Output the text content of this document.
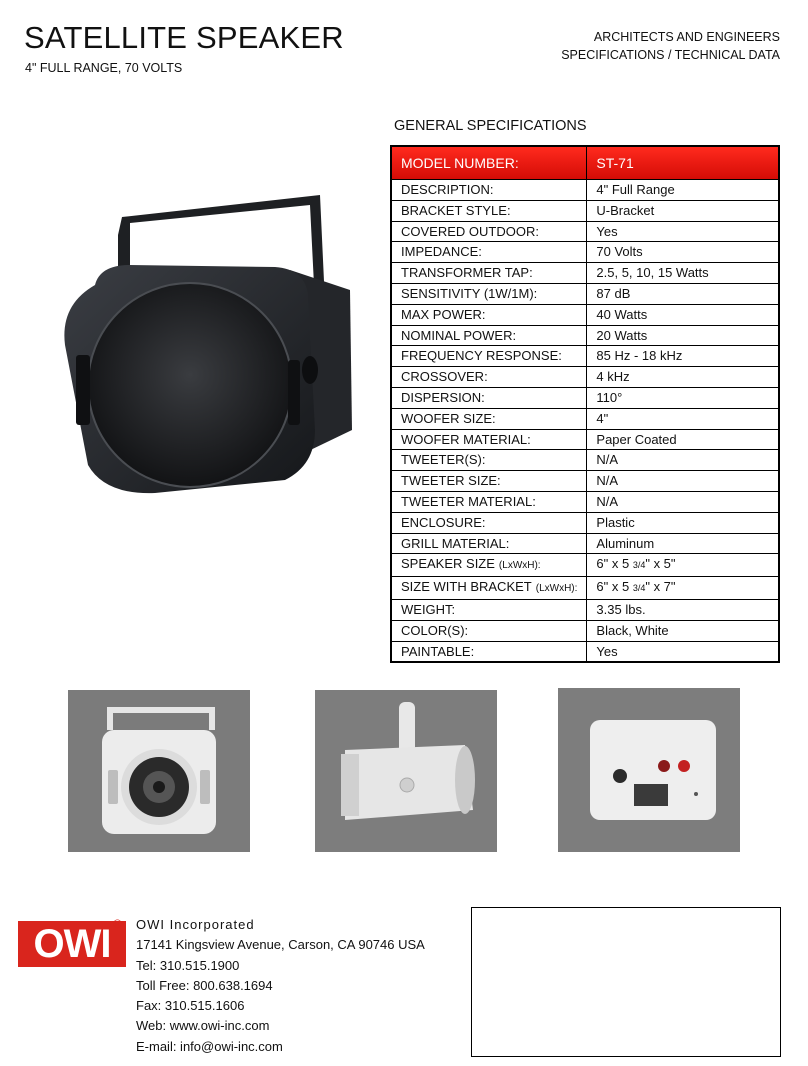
SATELLITE SPEAKER
4" FULL RANGE, 70 VOLTS
ARCHITECTS AND ENGINEERS
SPECIFICATIONS / TECHNICAL DATA
GENERAL SPECIFICATIONS
MODEL NUMBER:	ST-71
DESCRIPTION:	4" Full Range
BRACKET STYLE:	U-Bracket
COVERED OUTDOOR:	Yes
IMPEDANCE:	70 Volts
TRANSFORMER TAP:	2.5, 5, 10, 15 Watts
SENSITIVITY (1W/1M):	87 dB
MAX POWER:	40 Watts
NOMINAL POWER:	20 Watts
FREQUENCY RESPONSE:	85 Hz - 18 kHz
CROSSOVER:	4 kHz
DISPERSION:	110°
WOOFER SIZE:	4"
WOOFER MATERIAL:	Paper Coated
TWEETER(S):	N/A
TWEETER SIZE:	N/A
TWEETER MATERIAL:	N/A
ENCLOSURE:	Plastic
GRILL MATERIAL:	Aluminum
SPEAKER SIZE (LxWxH):	6" x 5 3/4" x 5"
SIZE WITH BRACKET (LxWxH):	6" x 5 3/4" x 7"
WEIGHT:	3.35 lbs.
COLOR(S):	Black, White
PAINTABLE:	Yes
OWI ® OWI Incorporated
17141 Kingsview Avenue, Carson, CA 90746 USA
Tel: 310.515.1900
Toll Free: 800.638.1694
Fax: 310.515.1606
Web: www.owi-inc.com
E-mail: info@owi-inc.com
